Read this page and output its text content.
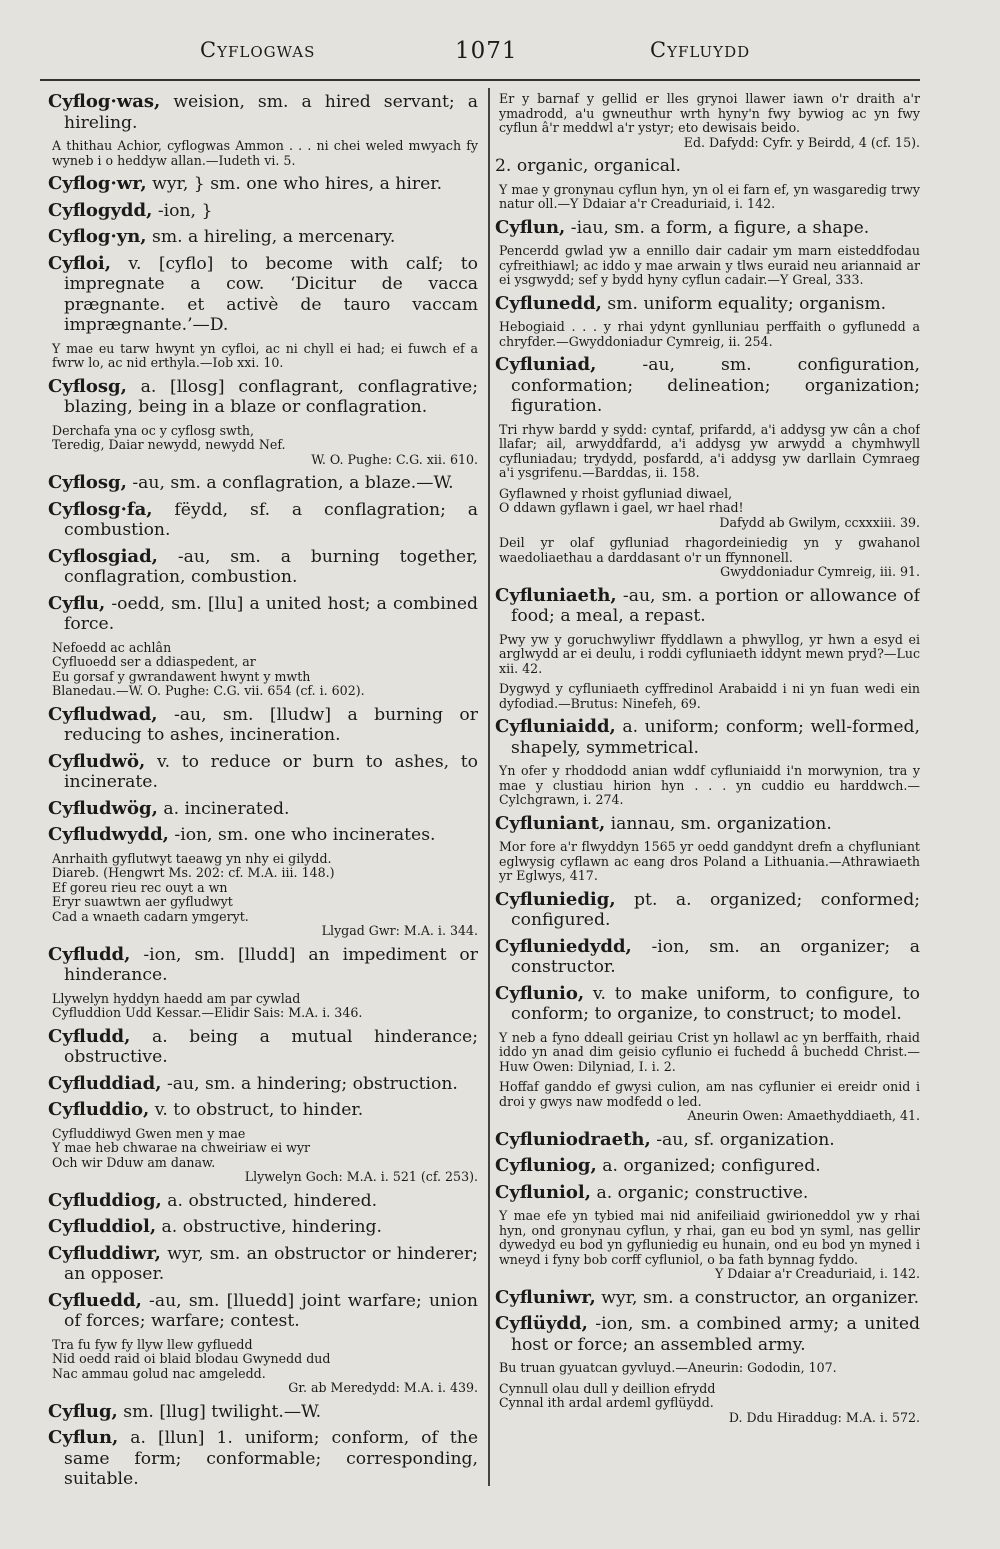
Cyflogwas	1071	Cyfluydd

Cyflog·was, weision, sm. a hired servant; a hireling.

A thithau Achior, cyflogwas Ammon . . . ni chei weled mwyach fy wyneb i o heddyw allan.—Iudeth vi. 5.

Cyflog·wr, wyr, } sm. one who hires, a hirer.

Cyflogydd, -ion, }

Cyflog·yn, sm. a hireling, a mercenary.

Cyfloi, v. [cyflo] to become with calf; to impregnate a cow. ‘Dicitur de vacca prægnante. et activè de tauro vaccam imprægnante.’—D.

Y mae eu tarw hwynt yn cyfloi, ac ni chyll ei had; ei fuwch ef a fwrw lo, ac nid erthyla.—Iob xxi. 10.

Cyflosg, a. [llosg] conflagrant, conflagrative; blazing, being in a blaze or conflagration.

Derchafa yna oc y cyflosg swth,
Teredig, Daiar newydd, newydd Nef.
W. O. Pughe: C.G. xii. 610.

Cyflosg, -au, sm. a conflagration, a blaze.—W.

Cyflosg·fa, fëydd, sf. a conflagration; a combustion.

Cyflosgiad, -au, sm. a burning together, conflagration, combustion.

Cyflu, -oedd, sm. [llu] a united host; a combined force.

Nefoedd ac achlân
Cyfluoedd ser a ddiaspedent, ar
Eu gorsaf y gwrandawent hwynt y mwth
Blanedau.—W. O. Pughe: C.G. vii. 654 (cf. i. 602).

Cyfludwad, -au, sm. [lludw] a burning or reducing to ashes, incineration.

Cyfludwö, v. to reduce or burn to ashes, to incinerate.

Cyfludwög, a. incinerated.

Cyfludwydd, -ion, sm. one who incinerates.

Anrhaith gyflutwyt taeawg yn nhy ei gilydd.
Diareb. (Hengwrt Ms. 202: cf. M.A. iii. 148.)
Ef goreu rieu rec ouyt a wn
Eryr suawtwn aer gyfludwyt
Cad a wnaeth cadarn ymgeryt.
Llygad Gwr: M.A. i. 344.

Cyfludd, -ion, sm. [lludd] an impediment or hinderance.

Llywelyn hyddyn haedd am par cywlad
Cyfluddion Udd Kessar.—Elidir Sais: M.A. i. 346.

Cyfludd, a. being a mutual hinderance; obstructive.

Cyfluddiad, -au, sm. a hindering; obstruction.

Cyfluddio, v. to obstruct, to hinder.

Cyfluddiwyd Gwen men y mae
Y mae heb chwarae na chweiriaw ei wyr
Och wir Dduw am danaw.
Llywelyn Goch: M.A. i. 521 (cf. 253).

Cyfluddiog, a. obstructed, hindered.

Cyfluddiol, a. obstructive, hindering.

Cyfluddiwr, wyr, sm. an obstructor or hinderer; an opposer.

Cyfluedd, -au, sm. [lluedd] joint warfare; union of forces; warfare; contest.

Tra fu fyw fy llyw llew gyfluedd
Nid oedd raid oi blaid blodau Gwynedd dud
Nac ammau golud nac amgeledd.
Gr. ab Meredydd: M.A. i. 439.

Cyflug, sm. [llug] twilight.—W.

Cyflun, a. [llun] 1. uniform; conform, of the same form; conformable; corresponding, suitable.

Er y barnaf y gellid er lles grynoi llawer iawn o'r draith a'r ymadrodd, a'u gwneuthur wrth hyny'n fwy bywiog ac yn fwy cyflun â'r meddwl a'r ystyr; eto dewisais beido.
Ed. Dafydd: Cyfr. y Beirdd, 4 (cf. 15).

2. organic, organical.

Y mae y gronynau cyflun hyn, yn ol ei farn ef, yn wasgaredig trwy natur oll.—Y Ddaiar a'r Creaduriaid, i. 142.

Cyflun, -iau, sm. a form, a figure, a shape.

Pencerdd gwlad yw a ennillo dair cadair ym marn eisteddfodau cyfreithiawl; ac iddo y mae arwain y tlws euraid neu ariannaid ar ei ysgwydd; sef y bydd hyny cyflun cadair.—Y Greal, 333.

Cyflunedd, sm. uniform equality; organism.

Hebogiaid . . . y rhai ydynt gynlluniau perffaith o gyflunedd a chryfder.—Gwyddoniadur Cymreig, ii. 254.

Cyfluniad, -au, sm. configuration, conformation; delineation; organization; figuration.

Tri rhyw bardd y sydd: cyntaf, prifardd, a'i addysg yw cân a chof llafar; ail, arwyddfardd, a'i addysg yw arwydd a chymhwyll cyfluniadau; trydydd, posfardd, a'i addysg yw darllain Cymraeg a'i ysgrifenu.—Barddas, ii. 158.
Gyflawned y rhoist gyfluniad diwael,
O ddawn gyflawn i gael, wr hael rhad!
Dafydd ab Gwilym, ccxxxiii. 39.
Deil yr olaf gyfluniad rhagordeiniedig yn y gwahanol waedoliaethau a darddasant o'r un ffynnonell.
Gwyddoniadur Cymreig, iii. 91.

Cyfluniaeth, -au, sm. a portion or allowance of food; a meal, a repast.

Pwy yw y goruchwyliwr ffyddlawn a phwyllog, yr hwn a esyd ei arglwydd ar ei deulu, i roddi cyfluniaeth iddynt mewn pryd?—Luc xii. 42.
Dygwyd y cyfluniaeth cyffredinol Arabaidd i ni yn fuan wedi ein dyfodiad.—Brutus: Ninefeh, 69.

Cyfluniaidd, a. uniform; conform; well-formed, shapely, symmetrical.

Yn ofer y rhoddodd anian wddf cyfluniaidd i'n morwynion, tra y mae y clustiau hirion hyn . . . yn cuddio eu harddwch.—Cylchgrawn, i. 274.

Cyfluniant, iannau, sm. organization.

Mor fore a'r flwyddyn 1565 yr oedd ganddynt drefn a chyfluniant eglwysig cyflawn ac eang dros Poland a Lithuania.—Athrawiaeth yr Eglwys, 417.

Cyfluniedig, pt. a. organized; conformed; configured.

Cyfluniedydd, -ion, sm. an organizer; a constructor.

Cyflunio, v. to make uniform, to configure, to conform; to organize, to construct; to model.

Y neb a fyno ddeall geiriau Crist yn hollawl ac yn berffaith, rhaid iddo yn anad dim geisio cyflunio ei fuchedd â buchedd Christ.—Huw Owen: Dilyniad, I. i. 2.
Hoffaf ganddo ef gwysi culion, am nas cyflunier ei ereidr onid i droi y gwys naw modfedd o led.
Aneurin Owen: Amaethyddiaeth, 41.

Cyfluniodraeth, -au, sf. organization.

Cyfluniog, a. organized; configured.

Cyfluniol, a. organic; constructive.

Y mae efe yn tybied mai nid anifeiliaid gwirioneddol yw y rhai hyn, ond gronynau cyflun, y rhai, gan eu bod yn syml, nas gellir dywedyd eu bod yn gyfluniedig eu hunain, ond eu bod yn myned i wneyd i fyny bob corff cyfluniol, o ba fath bynnag fyddo.
Y Ddaiar a'r Creaduriaid, i. 142.

Cyfluniwr, wyr, sm. a constructor, an organizer.

Cyflüydd, -ion, sm. a combined army; a united host or force; an assembled army.

Bu truan gyuatcan gyvluyd.—Aneurin: Gododin, 107.
Cynnull olau dull y deillion efrydd
Cynnal ith ardal ardeml gyflüydd.
D. Ddu Hiraddug: M.A. i. 572.
